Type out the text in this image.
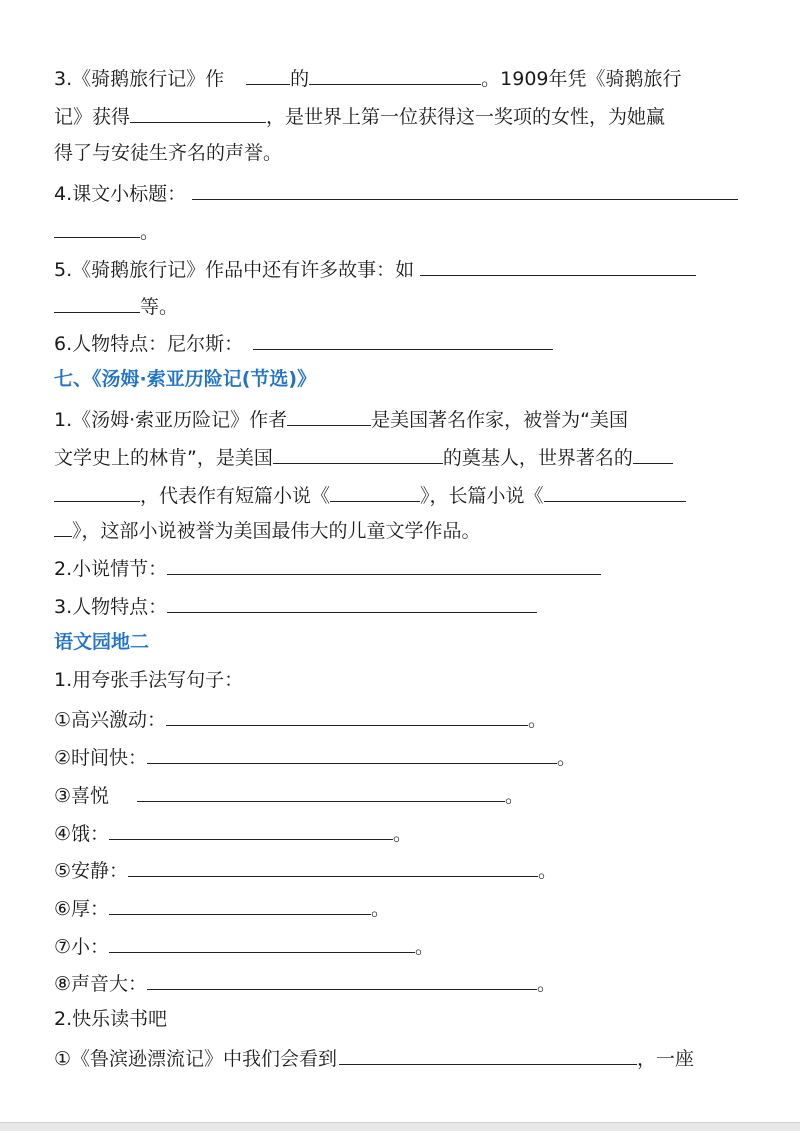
3.《骑鹅旅行记》作	的	。1909年凭《骑鹅旅行
记》获得	，是世界上第一位获得这一奖项的女性，为她赢
得了与安徒生齐名的声誉。
4.课文小标题：
。
5.《骑鹅旅行记》作品中还有许多故事：如
等。
6.人物特点：尼尔斯：
七、《汤姆·索亚历险记(节选)》
1.《汤姆·索亚历险记》作者	是美国著名作家，被誉为“美国
文学史上的林肯”，是美国	的奠基人，世界著名的
，代表作有短篇小说《	》，长篇小说《
》，这部小说被誉为美国最伟大的儿童文学作品。
2.小说情节：
3.人物特点：
语文园地二
1.用夸张手法写句子：
①高兴激动：	。
②时间快：	。
③喜悦	。
④饿：	。
⑤安静：	。
⑥厚：	。
⑦小：	。
⑧声音大：	。
2.快乐读书吧
①《鲁滨逊漂流记》中我们会看到	，一座
